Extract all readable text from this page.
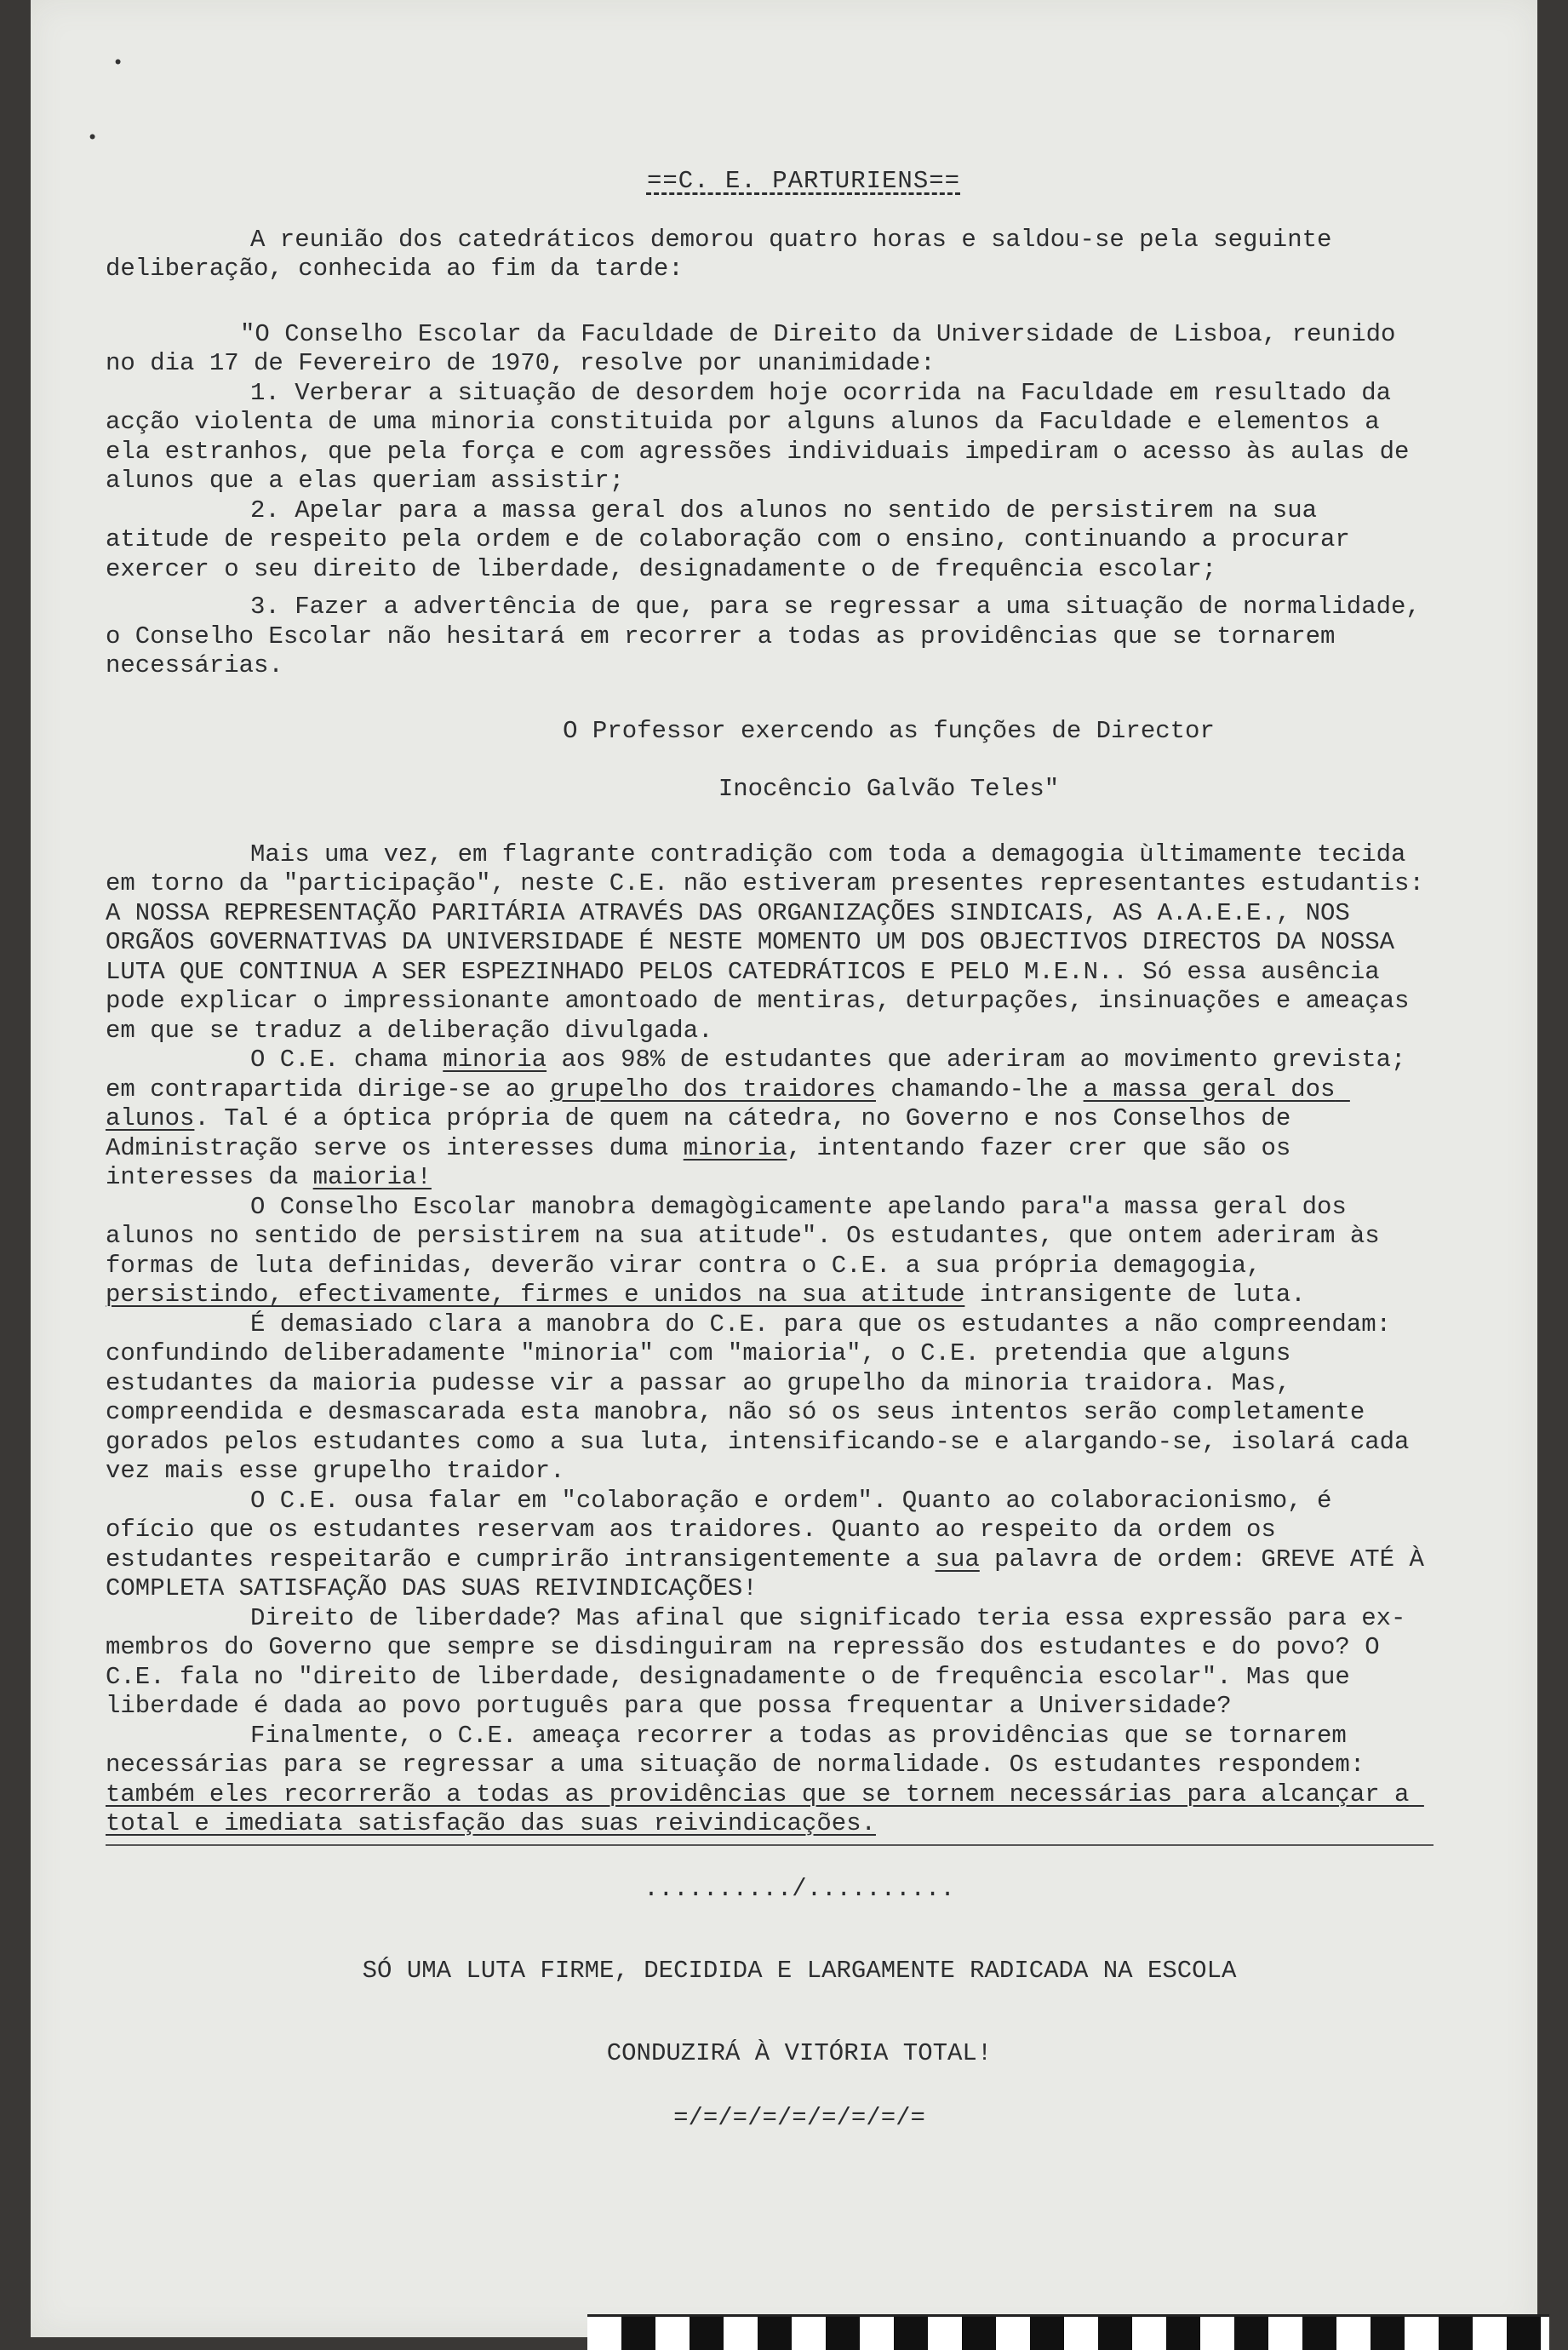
•
•

==C. E. PARTURIENS==

A reunião dos catedráticos demorou quatro horas e saldou-se pela seguinte deliberação, conhecida ao fim da tarde:

"O Conselho Escolar da Faculdade de Direito da Universidade de Lisboa, reunido no dia 17 de Fevereiro de 1970, resolve por unanimidade:

1. Verberar a situação de desordem hoje ocorrida na Faculdade em resultado da acção violenta de uma minoria constituida por alguns alunos da Faculdade e elementos a ela estranhos, que pela força e com agressões individuais impediram o acesso às aulas de alunos que a elas queriam assistir;

2. Apelar para a massa geral dos alunos no sentido de persistirem na sua atitude de respeito pela ordem e de colaboração com o ensino, continuando a procurar exercer o seu direito de liberdade, designadamente o de frequência escolar;

3. Fazer a advertência de que, para se regressar a uma situação de normalidade, o Conselho Escolar não hesitará em recorrer a todas as providências que se tornarem necessárias.

O Professor exercendo as funções de Director

Inocêncio Galvão Teles"

Mais uma vez, em flagrante contradição com toda a demagogia ùltimamente tecida em torno da "participação", neste C.E. não estiveram presentes representantes estudantis: A NOSSA REPRESENTAÇÃO PARITÁRIA ATRAVÉS DAS ORGANIZAÇÕES SINDICAIS, AS A.A.E.E., NOS ORGÃOS GOVERNATIVAS DA UNIVERSIDADE É NESTE MOMENTO UM DOS OBJECTIVOS DIRECTOS DA NOSSA LUTA QUE CONTINUA A SER ESPEZINHADO PELOS CATEDRÁTICOS E PELO M.E.N.. Só essa ausência pode explicar o impressionante amontoado de mentiras, deturpações, insinuações e ameaças em que se traduz a deliberação divulgada.

O C.E. chama minoria aos 98% de estudantes que aderiram ao movimento grevista; em contrapartida dirige-se ao grupelho dos traidores chamando-lhe a massa geral dos alunos. Tal é a óptica própria de quem na cátedra, no Governo e nos Conselhos de Administração serve os interesses duma minoria, intentando fazer crer que são os interesses da maioria!

O Conselho Escolar manobra demagògicamente apelando para"a massa geral dos alunos no sentido de persistirem na sua atitude". Os estudantes, que ontem aderiram às formas de luta definidas, deverão virar contra o C.E. a sua própria demagogia, persistindo, efectivamente, firmes e unidos na sua atitude intransigente de luta.

É demasiado clara a manobra do C.E. para que os estudantes a não compreendam: confundindo deliberadamente "minoria" com "maioria", o C.E. pretendia que alguns estudantes da maioria pudesse vir a passar ao grupelho da minoria traidora. Mas, compreendida e desmascarada esta manobra, não só os seus intentos serão completamente gorados pelos estudantes como a sua luta, intensificando-se e alargando-se, isolará cada vez mais esse grupelho traidor.

O C.E. ousa falar em "colaboração e ordem". Quanto ao colaboracionismo, é ofício que os estudantes reservam aos traidores. Quanto ao respeito da ordem os estudantes respeitarão e cumprirão intransigentemente a sua palavra de ordem: GREVE ATÉ À COMPLETA SATISFAÇÃO DAS SUAS REIVINDICAÇÕES!

Direito de liberdade? Mas afinal que significado teria essa expressão para ex-membros do Governo que sempre se disdinguiram na repressão dos estudantes e do povo? O C.E. fala no "direito de liberdade, designadamente o de frequência escolar". Mas que liberdade é dada ao povo português para que possa frequentar a Universidade?

Finalmente, o C.E. ameaça recorrer a todas as providências que se tornarem necessárias para se regressar a uma situação de normalidade. Os estudantes respondem: também eles recorrerão a todas as providências que se tornem necessárias para alcançar a total e imediata satisfação das suas reivindicações.

........../..........

SÓ UMA LUTA FIRME, DECIDIDA E LARGAMENTE RADICADA NA ESCOLA

CONDUZIRÁ À VITÓRIA TOTAL!

=/=/=/=/=/=/=/=/=
